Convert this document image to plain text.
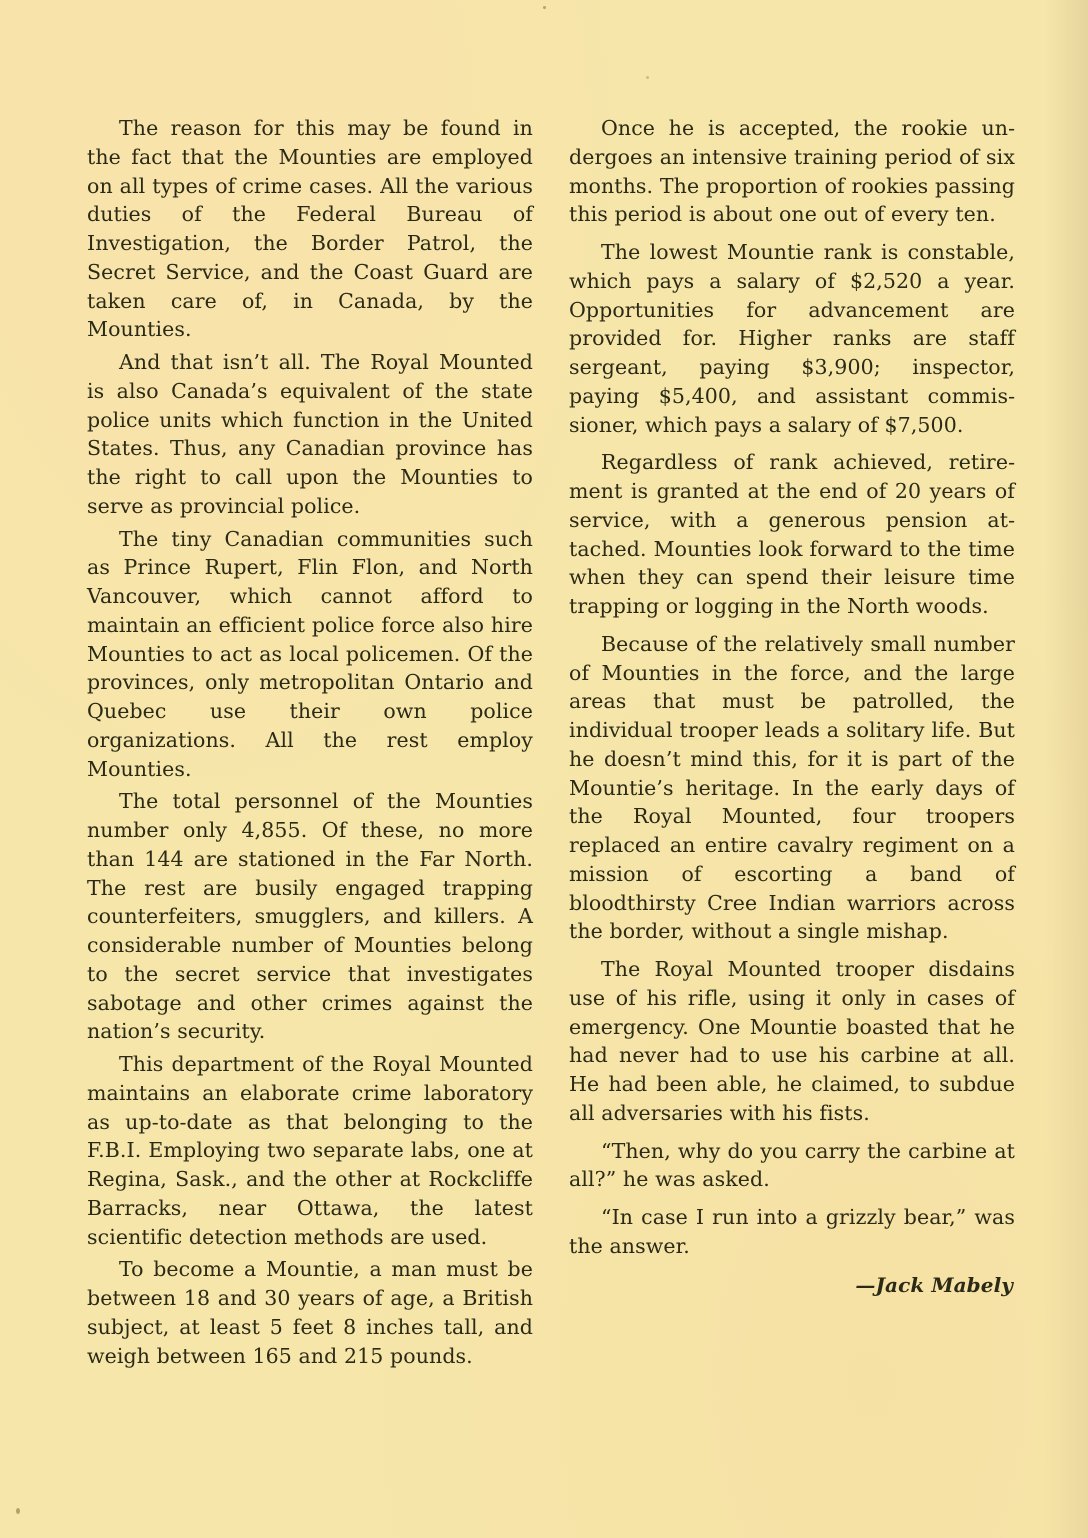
The reason for this may be found in the fact that the Mounties are employed on all types of crime cases. All the various duties of the Federal Bureau of Investigation, the Border Patrol, the Secret Service, and the Coast Guard are taken care of, in Canada, by the Mounties.

And that isn’t all. The Royal Mounted is also Canada’s equivalent of the state police units which function in the United States. Thus, any Canadian province has the right to call upon the Mounties to serve as provincial police.

The tiny Canadian communities such as Prince Rupert, Flin Flon, and North Vancouver, which cannot afford to maintain an efficient police force also hire Mounties to act as local policemen. Of the provinces, only metropolitan Ontario and Quebec use their own police organizations. All the rest employ Mounties.

The total personnel of the Mounties number only 4,855. Of these, no more than 144 are stationed in the Far North. The rest are busily engaged trapping counterfeiters, smugglers, and killers. A considerable number of Mounties belong to the secret service that investigates sabotage and other crimes against the nation’s security.

This department of the Royal Mounted maintains an elaborate crime laboratory as up-to-date as that belonging to the F.B.I. Employing two separate labs, one at Regina, Sask., and the other at Rockcliffe Barracks, near Ottawa, the latest scientific detection methods are used.

To become a Mountie, a man must be between 18 and 30 years of age, a British subject, at least 5 feet 8 inches tall, and weigh between 165 and 215 pounds.

Once he is accepted, the rookie undergoes an intensive training period of six months. The proportion of rookies passing this period is about one out of every ten.

The lowest Mountie rank is constable, which pays a salary of $2,520 a year. Opportunities for advancement are provided for. Higher ranks are staff sergeant, paying $3,900; inspector, paying $5,400, and assistant commissioner, which pays a salary of $7,500.

Regardless of rank achieved, retirement is granted at the end of 20 years of service, with a generous pension attached. Mounties look forward to the time when they can spend their leisure time trapping or logging in the North woods.

Because of the relatively small number of Mounties in the force, and the large areas that must be patrolled, the individual trooper leads a solitary life. But he doesn’t mind this, for it is part of the Mountie’s heritage. In the early days of the Royal Mounted, four troopers replaced an entire cavalry regiment on a mission of escorting a band of bloodthirsty Cree Indian warriors across the border, without a single mishap.

The Royal Mounted trooper disdains use of his rifle, using it only in cases of emergency. One Mountie boasted that he had never had to use his carbine at all. He had been able, he claimed, to subdue all adversaries with his fists.

“Then, why do you carry the carbine at all?” he was asked.

“In case I run into a grizzly bear,” was the answer.

—Jack Mabely
